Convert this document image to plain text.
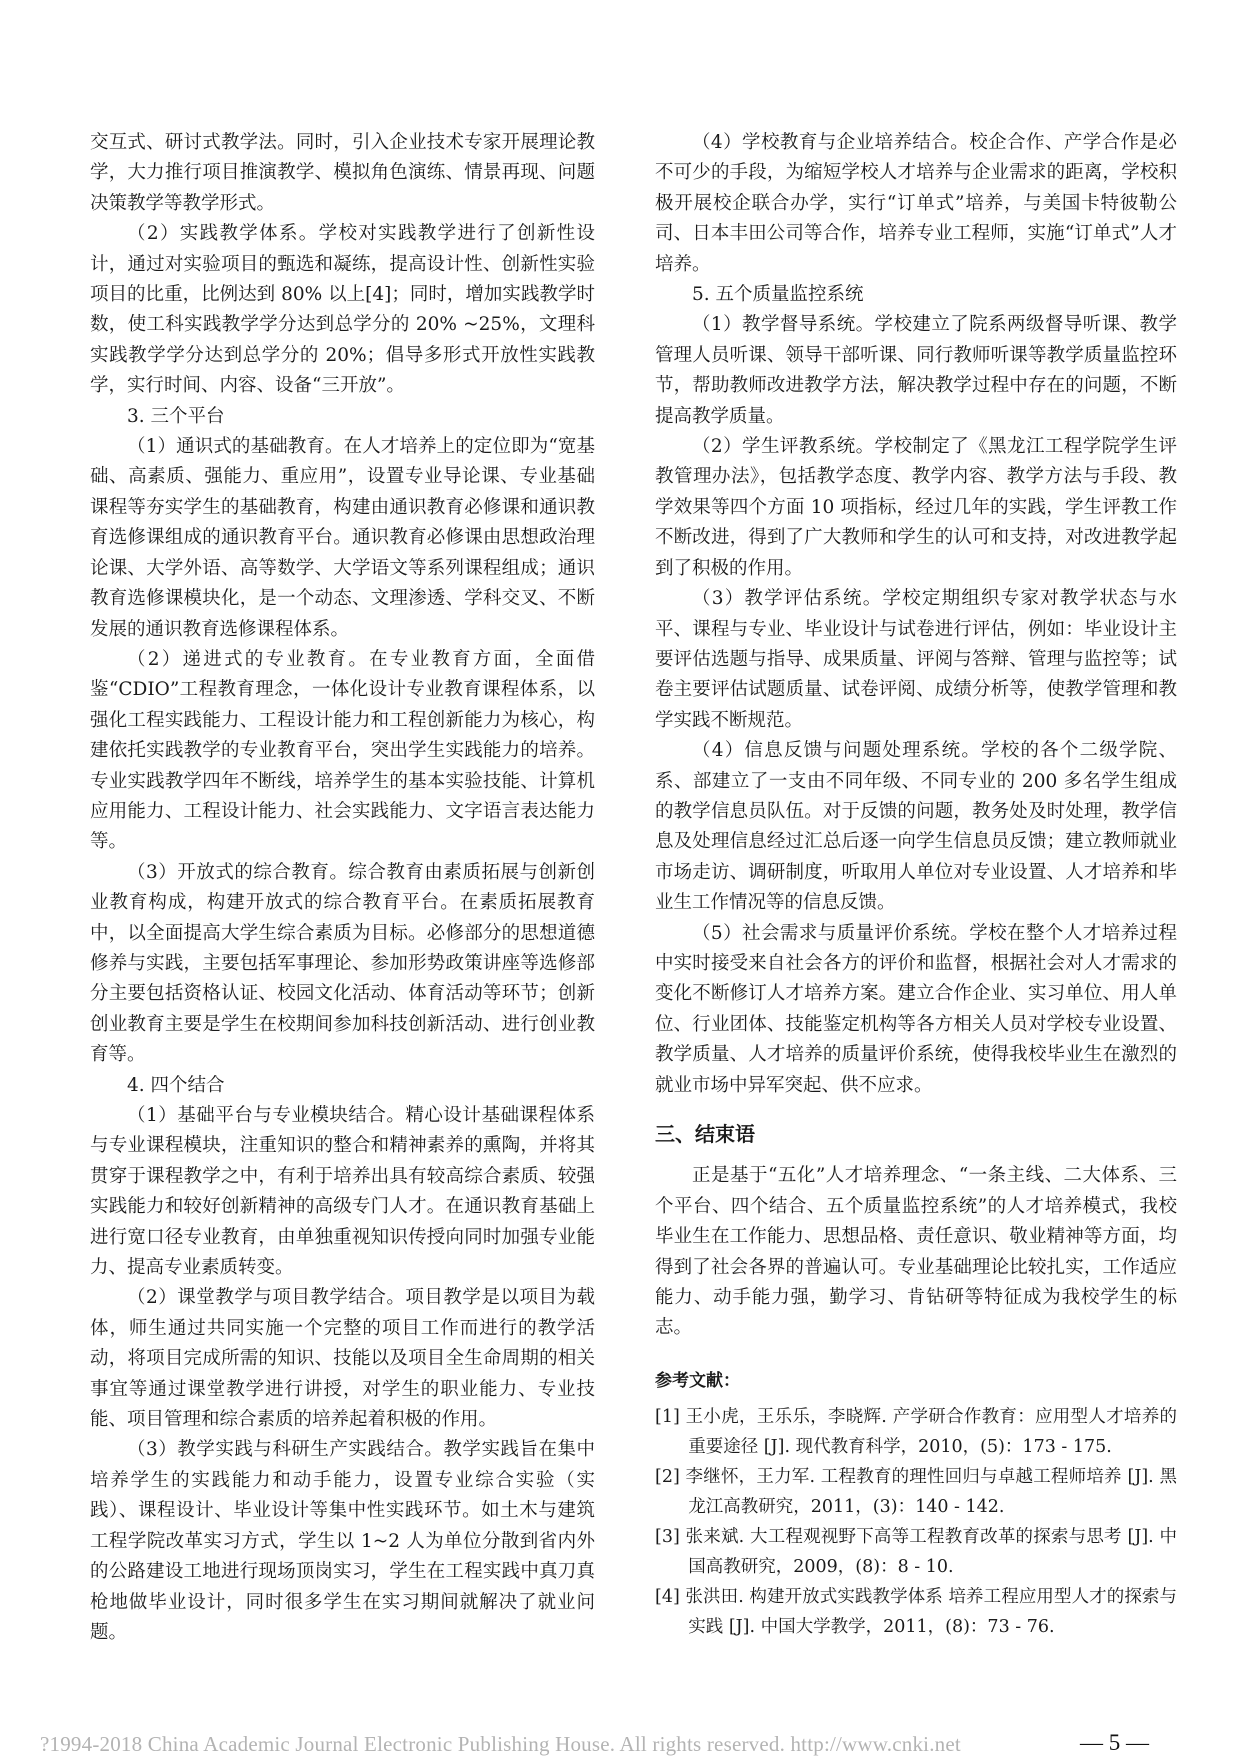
交互式、研讨式教学法。同时，引入企业技术专家开展理论教学，大力推行项目推演教学、模拟角色演练、情景再现、问题决策教学等教学形式。

（2）实践教学体系。学校对实践教学进行了创新性设计，通过对实验项目的甄选和凝练，提高设计性、创新性实验项目的比重，比例达到 80% 以上[4]；同时，增加实践教学时数，使工科实践教学学分达到总学分的 20% ~25%，文理科实践教学学分达到总学分的 20%；倡导多形式开放性实践教学，实行时间、内容、设备“三开放”。

3. 三个平台

（1）通识式的基础教育。在人才培养上的定位即为“宽基础、高素质、强能力、重应用”，设置专业导论课、专业基础课程等夯实学生的基础教育，构建由通识教育必修课和通识教育选修课组成的通识教育平台。通识教育必修课由思想政治理论课、大学外语、高等数学、大学语文等系列课程组成；通识教育选修课模块化，是一个动态、文理渗透、学科交叉、不断发展的通识教育选修课程体系。

（2）递进式的专业教育。在专业教育方面，全面借鉴“CDIO”工程教育理念，一体化设计专业教育课程体系，以强化工程实践能力、工程设计能力和工程创新能力为核心，构建依托实践教学的专业教育平台，突出学生实践能力的培养。专业实践教学四年不断线，培养学生的基本实验技能、计算机应用能力、工程设计能力、社会实践能力、文字语言表达能力等。

（3）开放式的综合教育。综合教育由素质拓展与创新创业教育构成，构建开放式的综合教育平台。在素质拓展教育中，以全面提高大学生综合素质为目标。必修部分的思想道德修养与实践，主要包括军事理论、参加形势政策讲座等选修部分主要包括资格认证、校园文化活动、体育活动等环节；创新创业教育主要是学生在校期间参加科技创新活动、进行创业教育等。

4. 四个结合

（1）基础平台与专业模块结合。精心设计基础课程体系与专业课程模块，注重知识的整合和精神素养的熏陶，并将其贯穿于课程教学之中，有利于培养出具有较高综合素质、较强实践能力和较好创新精神的高级专门人才。在通识教育基础上进行宽口径专业教育，由单独重视知识传授向同时加强专业能力、提高专业素质转变。

（2）课堂教学与项目教学结合。项目教学是以项目为载体，师生通过共同实施一个完整的项目工作而进行的教学活动，将项目完成所需的知识、技能以及项目全生命周期的相关事宜等通过课堂教学进行讲授，对学生的职业能力、专业技能、项目管理和综合素质的培养起着积极的作用。

（3）教学实践与科研生产实践结合。教学实践旨在集中培养学生的实践能力和动手能力，设置专业综合实验（实践）、课程设计、毕业设计等集中性实践环节。如土木与建筑工程学院改革实习方式，学生以 1~2 人为单位分散到省内外的公路建设工地进行现场顶岗实习，学生在工程实践中真刀真枪地做毕业设计，同时很多学生在实习期间就解决了就业问题。

（4）学校教育与企业培养结合。校企合作、产学合作是必不可少的手段，为缩短学校人才培养与企业需求的距离，学校积极开展校企联合办学，实行“订单式”培养，与美国卡特彼勒公司、日本丰田公司等合作，培养专业工程师，实施“订单式”人才培养。

5. 五个质量监控系统

（1）教学督导系统。学校建立了院系两级督导听课、教学管理人员听课、领导干部听课、同行教师听课等教学质量监控环节，帮助教师改进教学方法，解决教学过程中存在的问题，不断提高教学质量。

（2）学生评教系统。学校制定了《黑龙江工程学院学生评教管理办法》，包括教学态度、教学内容、教学方法与手段、教学效果等四个方面 10 项指标，经过几年的实践，学生评教工作不断改进，得到了广大教师和学生的认可和支持，对改进教学起到了积极的作用。

（3）教学评估系统。学校定期组织专家对教学状态与水平、课程与专业、毕业设计与试卷进行评估，例如：毕业设计主要评估选题与指导、成果质量、评阅与答辩、管理与监控等；试卷主要评估试题质量、试卷评阅、成绩分析等，使教学管理和教学实践不断规范。

（4）信息反馈与问题处理系统。学校的各个二级学院、系、部建立了一支由不同年级、不同专业的 200 多名学生组成的教学信息员队伍。对于反馈的问题，教务处及时处理，教学信息及处理信息经过汇总后逐一向学生信息员反馈；建立教师就业市场走访、调研制度，听取用人单位对专业设置、人才培养和毕业生工作情况等的信息反馈。

（5）社会需求与质量评价系统。学校在整个人才培养过程中实时接受来自社会各方的评价和监督，根据社会对人才需求的变化不断修订人才培养方案。建立合作企业、实习单位、用人单位、行业团体、技能鉴定机构等各方相关人员对学校专业设置、教学质量、人才培养的质量评价系统，使得我校毕业生在激烈的就业市场中异军突起、供不应求。

三、结束语

正是基于“五化”人才培养理念、“一条主线、二大体系、三个平台、四个结合、五个质量监控系统”的人才培养模式，我校毕业生在工作能力、思想品格、责任意识、敬业精神等方面，均得到了社会各界的普遍认可。专业基础理论比较扎实，工作适应能力、动手能力强，勤学习、肯钻研等特征成为我校学生的标志。

参考文献：

[1] 王小虎，王乐乐，李晓辉. 产学研合作教育：应用型人才培养的重要途径 [J]. 现代教育科学，2010，(5)：173 - 175.

[2] 李继怀，王力军. 工程教育的理性回归与卓越工程师培养 [J]. 黑龙江高教研究，2011，(3)：140 - 142.

[3] 张来斌. 大工程观视野下高等工程教育改革的探索与思考 [J]. 中国高教研究，2009，(8)：8 - 10.

[4] 张洪田. 构建开放式实践教学体系 培养工程应用型人才的探索与实践 [J]. 中国大学教学，2011，(8)：73 - 76.

?1994-2018 China Academic Journal Electronic Publishing House. All rights reserved. http://www.cnki.net	— 5 —
